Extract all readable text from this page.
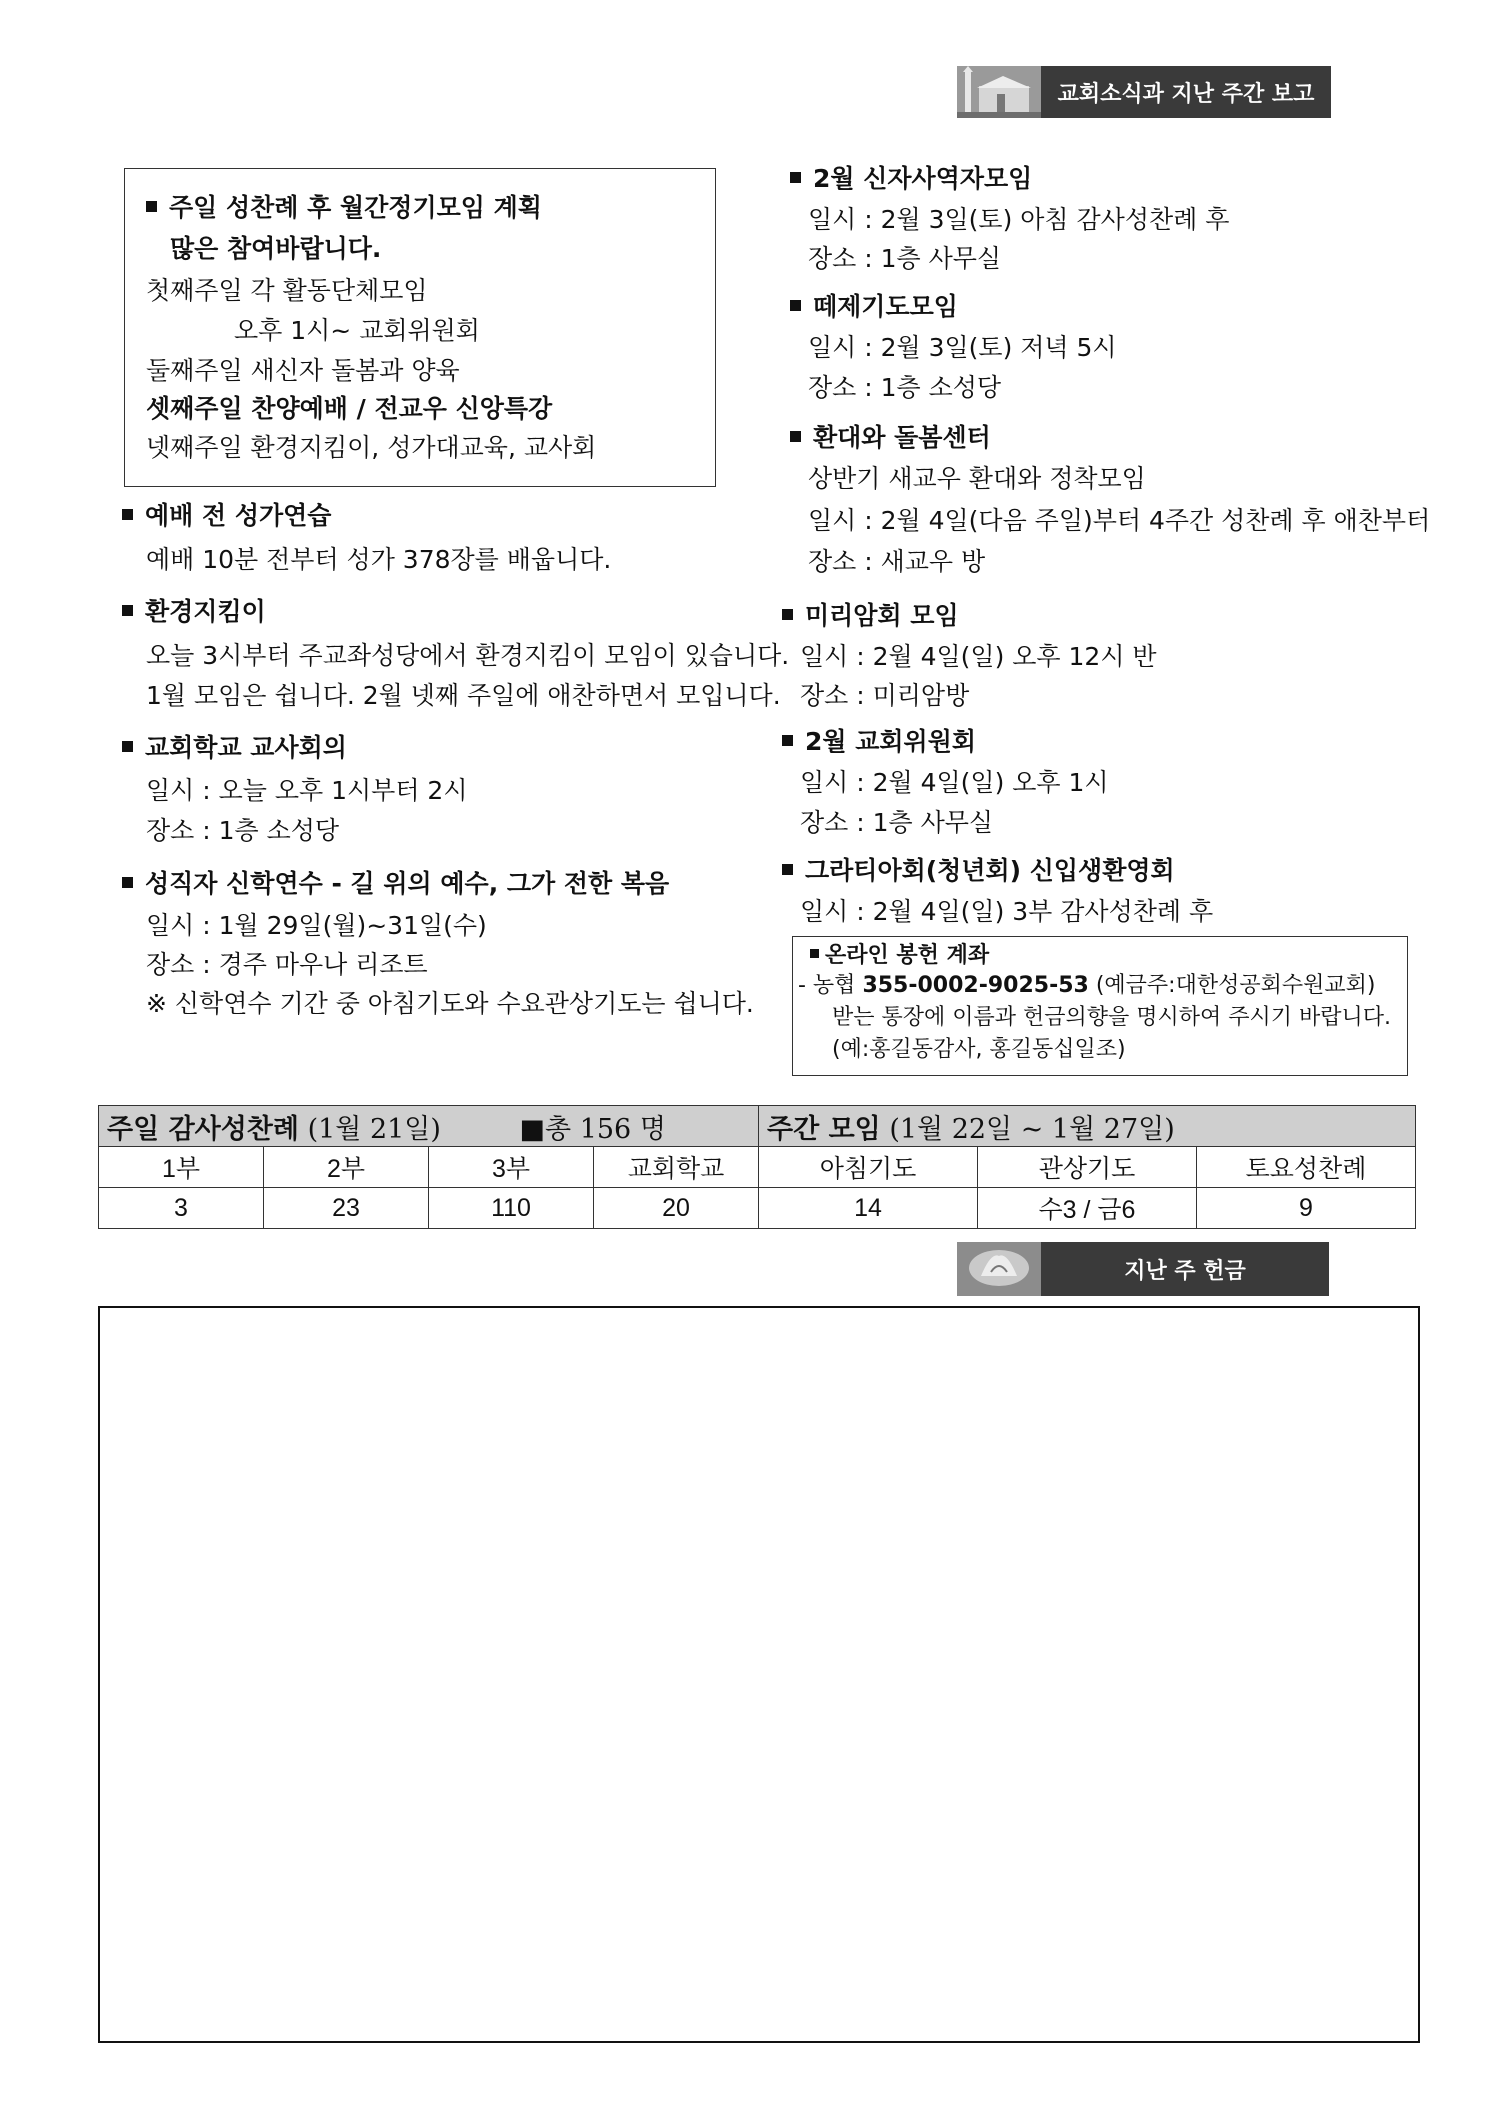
교회소식과 지난 주간 보고
주일 성찬례 후 월간정기모임 계획
많은 참여바랍니다.
첫째주일 각 활동단체모임
오후 1시~ 교회위원회
둘째주일 새신자 돌봄과 양육
셋째주일 찬양예배 / 전교우 신앙특강
넷째주일 환경지킴이, 성가대교육, 교사회
예배 전 성가연습
예배 10분 전부터 성가 378장를 배웁니다.
환경지킴이
오늘 3시부터 주교좌성당에서 환경지킴이 모임이 있습니다.
1월 모임은 쉽니다. 2월 넷째 주일에 애찬하면서 모입니다.
교회학교 교사회의
일시 : 오늘 오후 1시부터 2시
장소 : 1층 소성당
성직자 신학연수 - 길 위의 예수, 그가 전한 복음
일시 : 1월 29일(월)~31일(수)
장소 : 경주 마우나 리조트
※ 신학연수 기간 중 아침기도와 수요관상기도는 쉽니다.
2월 신자사역자모임
일시 : 2월 3일(토) 아침 감사성찬례 후
장소 : 1층 사무실
떼제기도모임
일시 : 2월 3일(토) 저녁 5시
장소 : 1층 소성당
환대와 돌봄센터
상반기 새교우 환대와 정착모임
일시 : 2월 4일(다음 주일)부터 4주간 성찬례 후 애찬부터
장소 : 새교우 방
미리암회 모임
일시 : 2월 4일(일) 오후 12시 반
장소 : 미리암방
2월 교회위원회
일시 : 2월 4일(일) 오후 1시
장소 : 1층 사무실
그라티아회(청년회) 신입생환영회
일시 : 2월 4일(일) 3부 감사성찬례 후
온라인 봉헌 계좌
- 농협 355-0002-9025-53 (예금주:대한성공회수원교회)
받는 통장에 이름과 헌금의향을 명시하여 주시기 바랍니다.
(예:홍길동감사, 홍길동십일조)
주일 감사성찬례 (1월 21일) ■총 156 명				주간 모임 (1월 22일 ~ 1월 27일)		
1부	2부	3부	교회학교	아침기도	관상기도	토요성찬례
3	23	110	20	14	수3 / 금6	9
지난 주 헌금
